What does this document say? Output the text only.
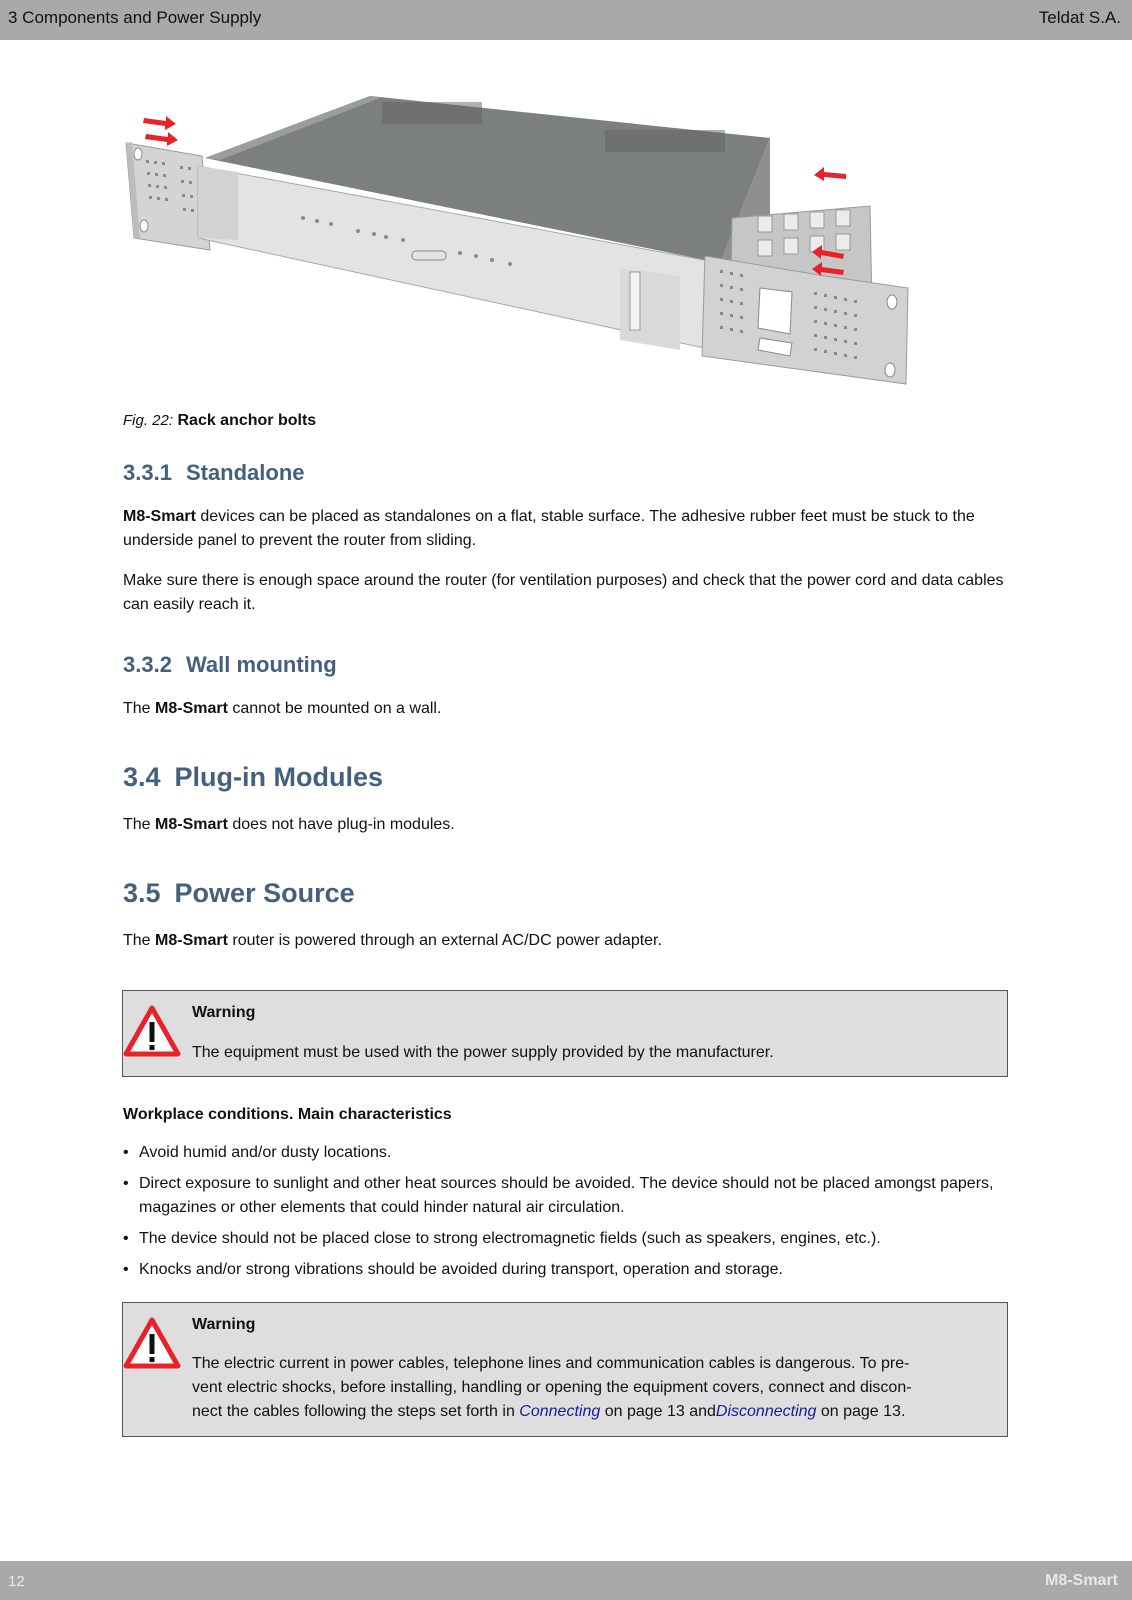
3 Components and Power Supply	Teldat S.A.
Fig. 22: Rack anchor bolts
3.3.1 Standalone

M8-Smart devices can be placed as standalones on a flat, stable surface. The adhesive rubber feet must be stuck to the underside panel to prevent the router from sliding.

Make sure there is enough space around the router (for ventilation purposes) and check that the power cord and data cables can easily reach it.

3.3.2 Wall mounting

The M8-Smart cannot be mounted on a wall.

3.4 Plug-in Modules

The M8-Smart does not have plug-in modules.

3.5 Power Source

The M8-Smart router is powered through an external AC/DC power adapter.

Warning
The equipment must be used with the power supply provided by the manufacturer.
Workplace conditions. Main characteristics
• Avoid humid and/or dusty locations.
• Direct exposure to sunlight and other heat sources should be avoided. The device should not be placed amongst papers, magazines or other elements that could hinder natural air circulation.
• The device should not be placed close to strong electromagnetic fields (such as speakers, engines, etc.).
• Knocks and/or strong vibrations should be avoided during transport, operation and storage.
Warning
The electric current in power cables, telephone lines and communication cables is dangerous. To pre-
vent electric shocks, before installing, handling or opening the equipment covers, connect and discon-
nect the cables following the steps set forth in Connecting on page 13 andDisconnecting on page 13.
12	M8-Smart
